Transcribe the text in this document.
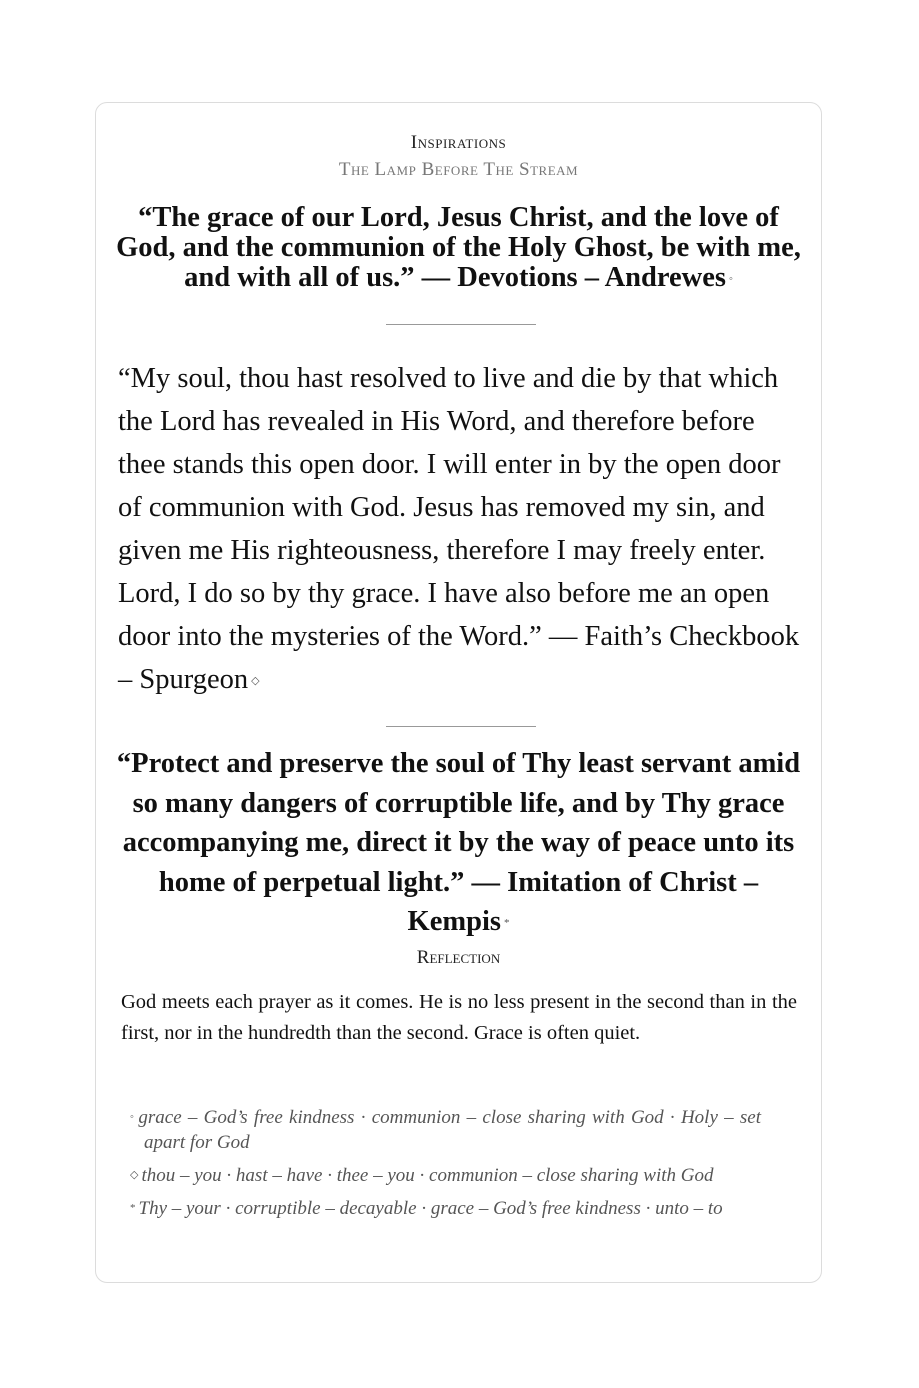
Inspirations
The Lamp Before The Stream
“The grace of our Lord, Jesus Christ, and the love of God, and the communion of the Holy Ghost, be with me, and with all of us.” — Devotions – Andrewes ◦
“My soul, thou hast resolved to live and die by that which the Lord has revealed in His Word, and therefore before thee stands this open door. I will enter in by the open door of communion with God. Jesus has removed my sin, and given me His righteousness, therefore I may freely enter. Lord, I do so by thy grace. I have also before me an open door into the mysteries of the Word.” — Faith’s Checkbook – Spurgeon ◇
“Protect and preserve the soul of Thy least servant amid so many dangers of corruptible life, and by Thy grace accompanying me, direct it by the way of peace unto its home of perpetual light.” — Imitation of Christ – Kempis *
Reflection
God meets each prayer as it comes. He is no less present in the second than in the first, nor in the hundredth than the second. Grace is often quiet.
◦ grace – God’s free kindness · communion – close sharing with God · Holy – set apart for God
◇ thou – you · hast – have · thee – you · communion – close sharing with God
* Thy – your · corruptible – decayable · grace – God’s free kindness · unto – to
